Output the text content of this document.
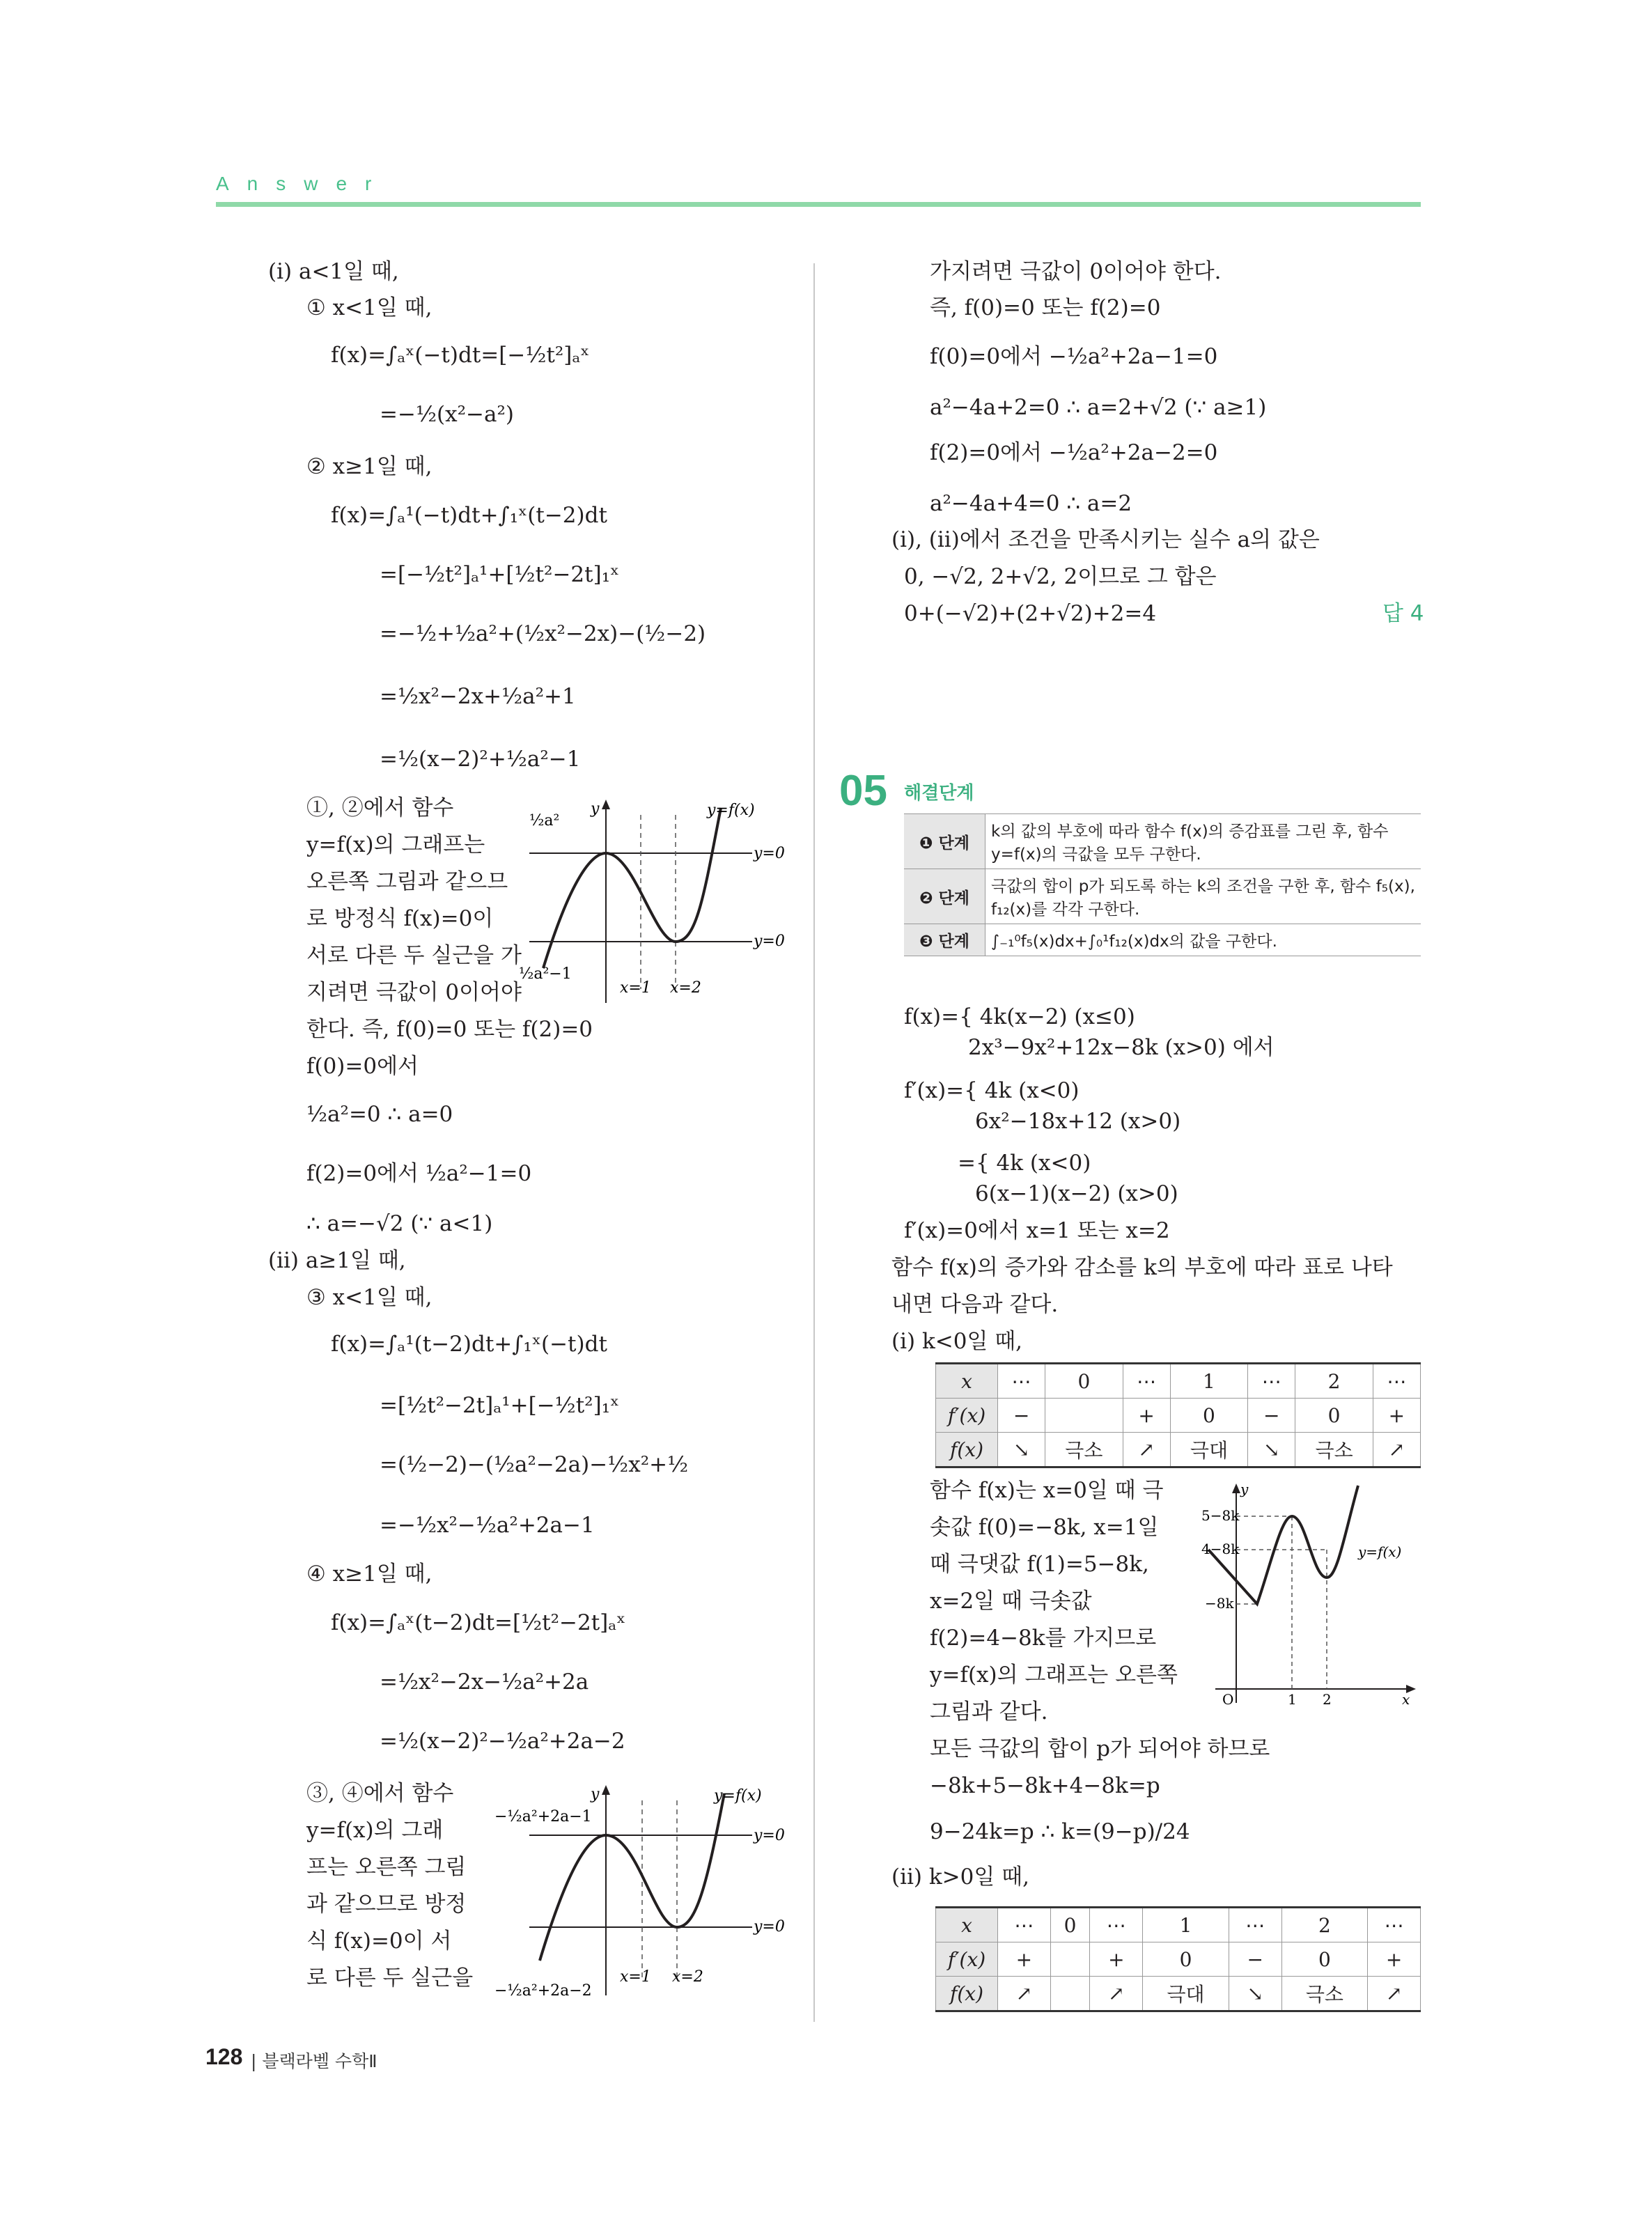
Answer
(ⅰ) a<1일 때,
① x<1일 때,
f(x)=∫ₐˣ(−t)dt=[−½t²]ₐˣ
=−½(x²−a²)
② x≥1일 때,
f(x)=∫ₐ¹(−t)dt+∫₁ˣ(t−2)dt
=[−½t²]ₐ¹+[½t²−2t]₁ˣ
=−½+½a²+(½x²−2x)−(½−2)
=½x²−2x+½a²+1
=½(x−2)²+½a²−1
①, ②에서 함수
y=f(x)의 그래프는
오른쪽 그림과 같으므
로 방정식 f(x)=0이
서로 다른 두 실근을 가
지려면 극값이 0이어야
한다. 즉, f(0)=0 또는 f(2)=0
f(0)=0에서
½a²=0 ∴ a=0
f(2)=0에서 ½a²−1=0
∴ a=−√2 (∵ a<1)
(ⅱ) a≥1일 때,
③ x<1일 때,
f(x)=∫ₐ¹(t−2)dt+∫₁ˣ(−t)dt
=[½t²−2t]ₐ¹+[−½t²]₁ˣ
=(½−2)−(½a²−2a)−½x²+½
=−½x²−½a²+2a−1
④ x≥1일 때,
f(x)=∫ₐˣ(t−2)dt=[½t²−2t]ₐˣ
=½x²−2x−½a²+2a
=½(x−2)²−½a²+2a−2
③, ④에서 함수
y=f(x)의 그래
프는 오른쪽 그림
과 같으므로 방정
식 f(x)=0이 서
로 다른 두 실근을
y
½a²
½a²−1
y=f(x)
y=0
y=0
x=1 x=2
y
−½a²+2a−1
−½a²+2a−2
y=f(x)
y=0
y=0
x=1 x=2
가지려면 극값이 0이어야 한다.
즉, f(0)=0 또는 f(2)=0
f(0)=0에서 −½a²+2a−1=0
a²−4a+2=0 ∴ a=2+√2 (∵ a≥1)
f(2)=0에서 −½a²+2a−2=0
a²−4a+4=0 ∴ a=2
(ⅰ), (ⅱ)에서 조건을 만족시키는 실수 a의 값은
0, −√2, 2+√2, 2이므로 그 합은
0+(−√2)+(2+√2)+2=4	답 4
05 해결단계
❶ 단계	k의 값의 부호에 따라 함수 f(x)의 증감표를 그린 후, 함수 y=f(x)의 극값을 모두 구한다.
❷ 단계	극값의 합이 p가 되도록 하는 k의 조건을 구한 후, 함수 f₅(x), f₁₂(x)를 각각 구한다.
❸ 단계	∫₋₁⁰f₅(x)dx+∫₀¹f₁₂(x)dx의 값을 구한다.
f(x)={ 4k(x−2) (x≤0)
2x³−9x²+12x−8k (x>0) 에서
f′(x)={ 4k (x<0)
6x²−18x+12 (x>0)
={ 4k (x<0)
6(x−1)(x−2) (x>0)
f′(x)=0에서 x=1 또는 x=2
함수 f(x)의 증가와 감소를 k의 부호에 따라 표로 나타
내면 다음과 같다.
(ⅰ) k<0일 때,
x	⋯	0	⋯	1	⋯	2	⋯
f′(x)	−		+	0	−	0	+
f(x)	↘	극소	↗	극대	↘	극소	↗
함수 f(x)는 x=0일 때 극
솟값 f(0)=−8k, x=1일
때 극댓값 f(1)=5−8k,
x=2일 때 극솟값
f(2)=4−8k를 가지므로
y=f(x)의 그래프는 오른쪽
그림과 같다.
모든 극값의 합이 p가 되어야 하므로
−8k+5−8k+4−8k=p
9−24k=p ∴ k=(9−p)/24
(ⅱ) k>0일 때,
5−8k
4−8k
−8k
O	1 2	x
y
y=f(x)
x	⋯	0	⋯	1	⋯	2	⋯
f′(x)	+		+	0	−	0	+
f(x)	↗		↗	극대	↘	극소	↗
128 | 블랙라벨 수학Ⅱ
